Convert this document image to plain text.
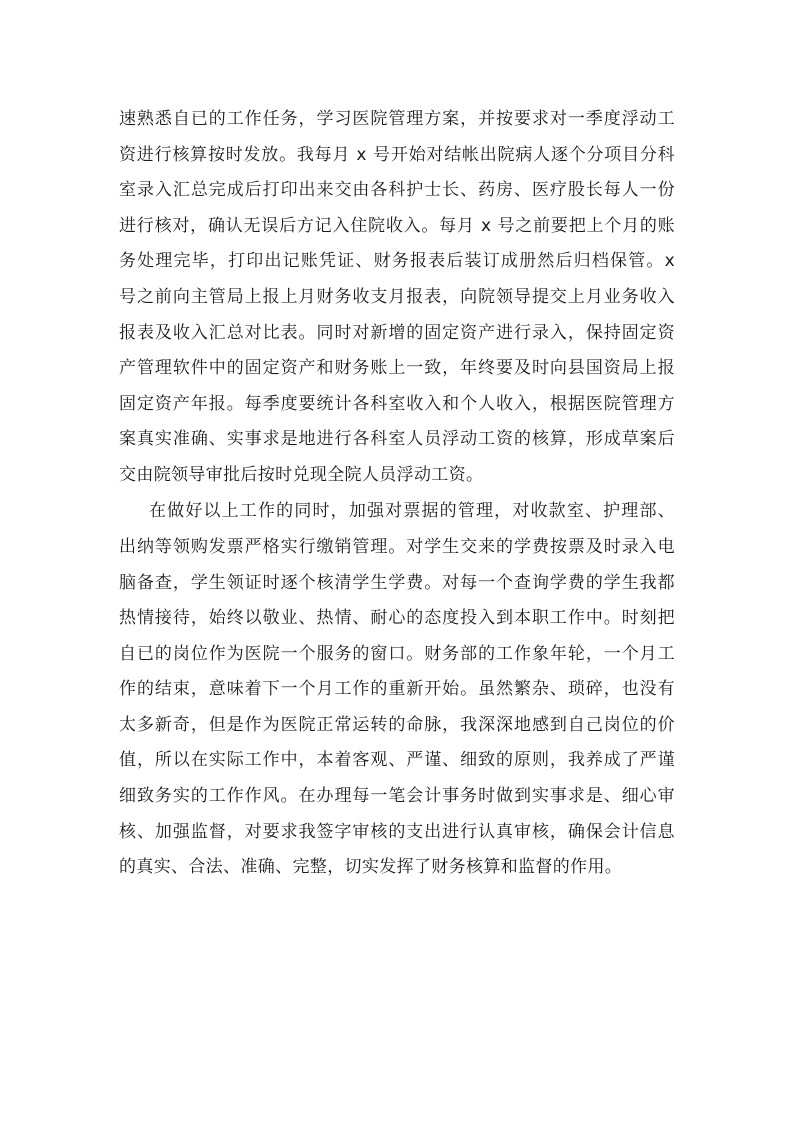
速熟悉自已的工作任务，学习医院管理方案，并按要求对一季度浮动工
资进行核算按时发放。我每月 x 号开始对结帐出院病人逐个分项目分科
室录入汇总完成后打印出来交由各科护士长、药房、医疗股长每人一份
进行核对，确认无误后方记入住院收入。每月 x 号之前要把上个月的账
务处理完毕，打印出记账凭证、财务报表后装订成册然后归档保管。x
号之前向主管局上报上月财务收支月报表，向院领导提交上月业务收入
报表及收入汇总对比表。同时对新增的固定资产进行录入，保持固定资
产管理软件中的固定资产和财务账上一致，年终要及时向县国资局上报
固定资产年报。每季度要统计各科室收入和个人收入，根据医院管理方
案真实准确、实事求是地进行各科室人员浮动工资的核算，形成草案后
交由院领导审批后按时兑现全院人员浮动工资。
在做好以上工作的同时，加强对票据的管理，对收款室、护理部、
出纳等领购发票严格实行缴销管理。对学生交来的学费按票及时录入电
脑备查，学生领证时逐个核清学生学费。对每一个查询学费的学生我都
热情接待，始终以敬业、热情、耐心的态度投入到本职工作中。时刻把
自已的岗位作为医院一个服务的窗口。财务部的工作象年轮，一个月工
作的结束，意味着下一个月工作的重新开始。虽然繁杂、琐碎，也没有
太多新奇，但是作为医院正常运转的命脉，我深深地感到自己岗位的价
值，所以在实际工作中，本着客观、严谨、细致的原则，我养成了严谨
细致务实的工作作风。在办理每一笔会计事务时做到实事求是、细心审
核、加强监督，对要求我签字审核的支出进行认真审核，确保会计信息
的真实、合法、准确、完整，切实发挥了财务核算和监督的作用。
